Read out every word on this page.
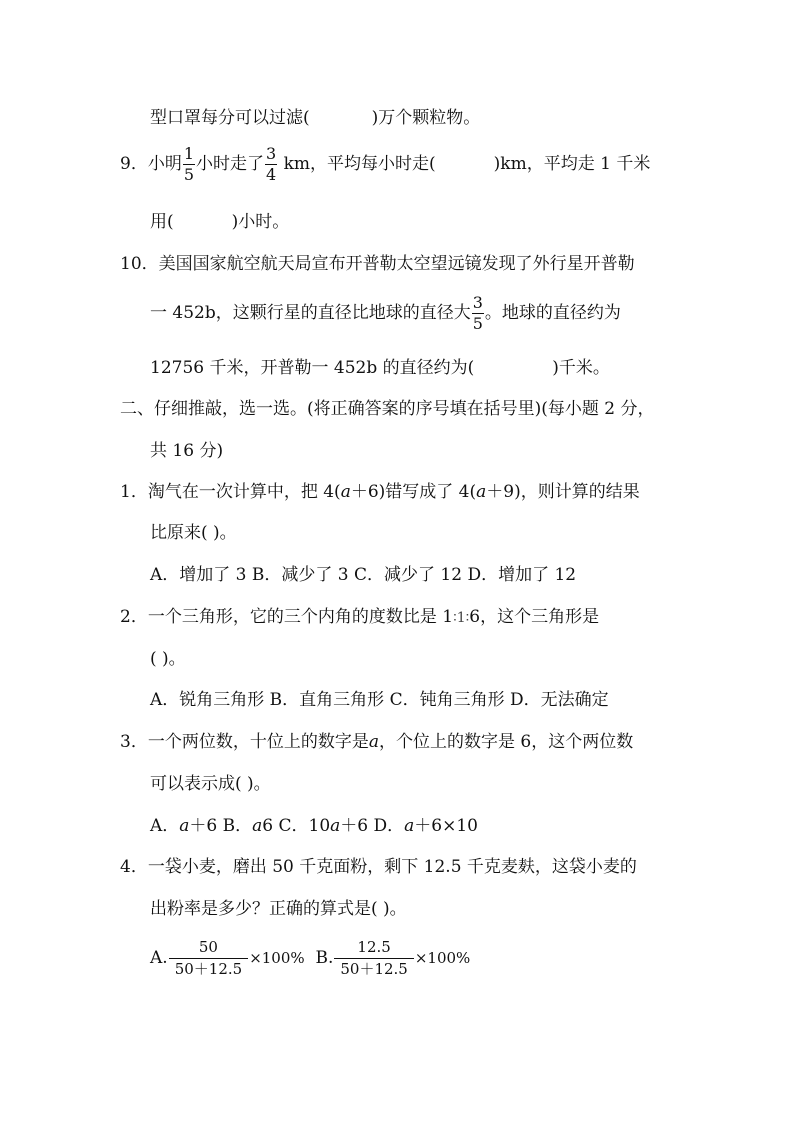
型口罩每分可以过滤(	)万个颗粒物。
9．小明 $\frac{1}{5}$ 小时走了 $\frac{3}{4}$ km，平均每小时走(	)km，平均走 1 千米
用(	)小时。
10．美国国家航空航天局宣布开普勒太空望远镜发现了外行星开普勒
一 452b，这颗行星的直径比地球的直径大 $\frac{3}{5}$ 。地球的直径约为
12756 千米，开普勒一 452b 的直径约为(	)千米。
二、仔细推敲，选一选。(将正确答案的序号填在括号里)(每小题 2 分，
共 16 分)
1．淘气在一次计算中，把 4(a＋6)错写成了 4(a＋9)，则计算的结果
比原来( )。
A．增加了 3 B．减少了 3 C．减少了 12 D．增加了 12
2．一个三角形，它的三个内角的度数比是 1∶1∶6，这个三角形是
( )。
A．锐角三角形 B．直角三角形 C．钝角三角形 D．无法确定
3．一个两位数，十位上的数字是a，个位上的数字是 6，这个两位数
可以表示成( )。
A．a＋6 B．a6 C．10a＋6 D．a＋6×10
4．一袋小麦，磨出 50 千克面粉，剩下 12.5 千克麦麸，这袋小麦的
出粉率是多少？正确的算式是( )。
A. $\frac{50}{50+12.5} \times 100\%$  B. $\frac{12.5}{50+12.5} \times 100\%$
